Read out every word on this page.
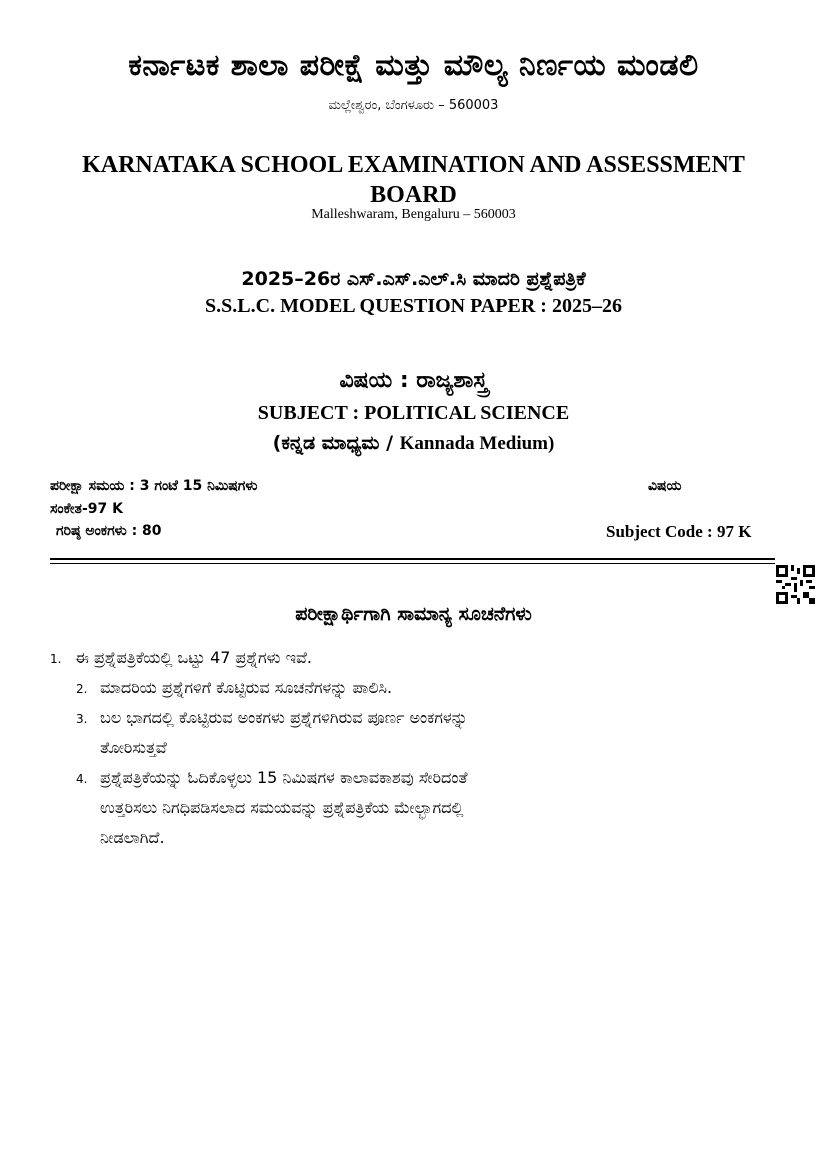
ಕರ್ನಾಟಕ ಶಾಲಾ ಪರೀಕ್ಷೆ ಮತ್ತು ಮೌಲ್ಯ ನಿರ್ಣಯ ಮಂಡಲಿ
ಮಲ್ಲೇಶ್ವರಂ, ಬೆಂಗಳೂರು – 560003
KARNATAKA SCHOOL EXAMINATION AND ASSESSMENT
BOARD
Malleshwaram, Bengaluru – 560003
2025–26ರ ಎಸ್.ಎಸ್.ಎಲ್.ಸಿ ಮಾದರಿ ಪ್ರಶ್ನೆಪತ್ರಿಕೆ
S.S.L.C. MODEL QUESTION PAPER : 2025–26
ವಿಷಯ : ರಾಜ್ಯಶಾಸ್ತ್ರ
SUBJECT : POLITICAL SCIENCE
(ಕನ್ನಡ ಮಾಧ್ಯಮ / Kannada Medium)
ಪರೀಕ್ಷಾ ಸಮಯ : 3 ಗಂಟೆ 15 ನಿಮಿಷಗಳು	ವಿಷಯ
ಸಂಕೇತ-97 K
ಗರಿಷ್ಠ ಅಂಕಗಳು : 80	Subject Code : 97 K
ಪರೀಕ್ಷಾರ್ಥಿಗಾಗಿ ಸಾಮಾನ್ಯ ಸೂಚನೆಗಳು
1. ಈ ಪ್ರಶ್ನೆಪತ್ರಿಕೆಯಲ್ಲಿ ಒಟ್ಟು 47 ಪ್ರಶ್ನೆಗಳು ಇವೆ.
2. ಮಾದರಿಯ ಪ್ರಶ್ನೆಗಳಿಗೆ ಕೊಟ್ಟಿರುವ ಸೂಚನೆಗಳನ್ನು ಪಾಲಿಸಿ.
3. ಬಲ ಭಾಗದಲ್ಲಿ ಕೊಟ್ಟಿರುವ ಅಂಕಗಳು ಪ್ರಶ್ನೆಗಳಿಗಿರುವ ಪೂರ್ಣ ಅಂಕಗಳನ್ನು
ತೋರಿಸುತ್ತವೆ
4. ಪ್ರಶ್ನೆಪತ್ರಿಕೆಯನ್ನು ಓದಿಕೊಳ್ಳಲು 15 ನಿಮಿಷಗಳ ಕಾಲಾವಕಾಶವು ಸೇರಿದಂತೆ
ಉತ್ತರಿಸಲು ನಿಗಧಿಪಡಿಸಲಾದ ಸಮಯವನ್ನು ಪ್ರಶ್ನೆಪತ್ರಿಕೆಯ ಮೇಲ್ಭಾಗದಲ್ಲಿ
ನೀಡಲಾಗಿದೆ.
